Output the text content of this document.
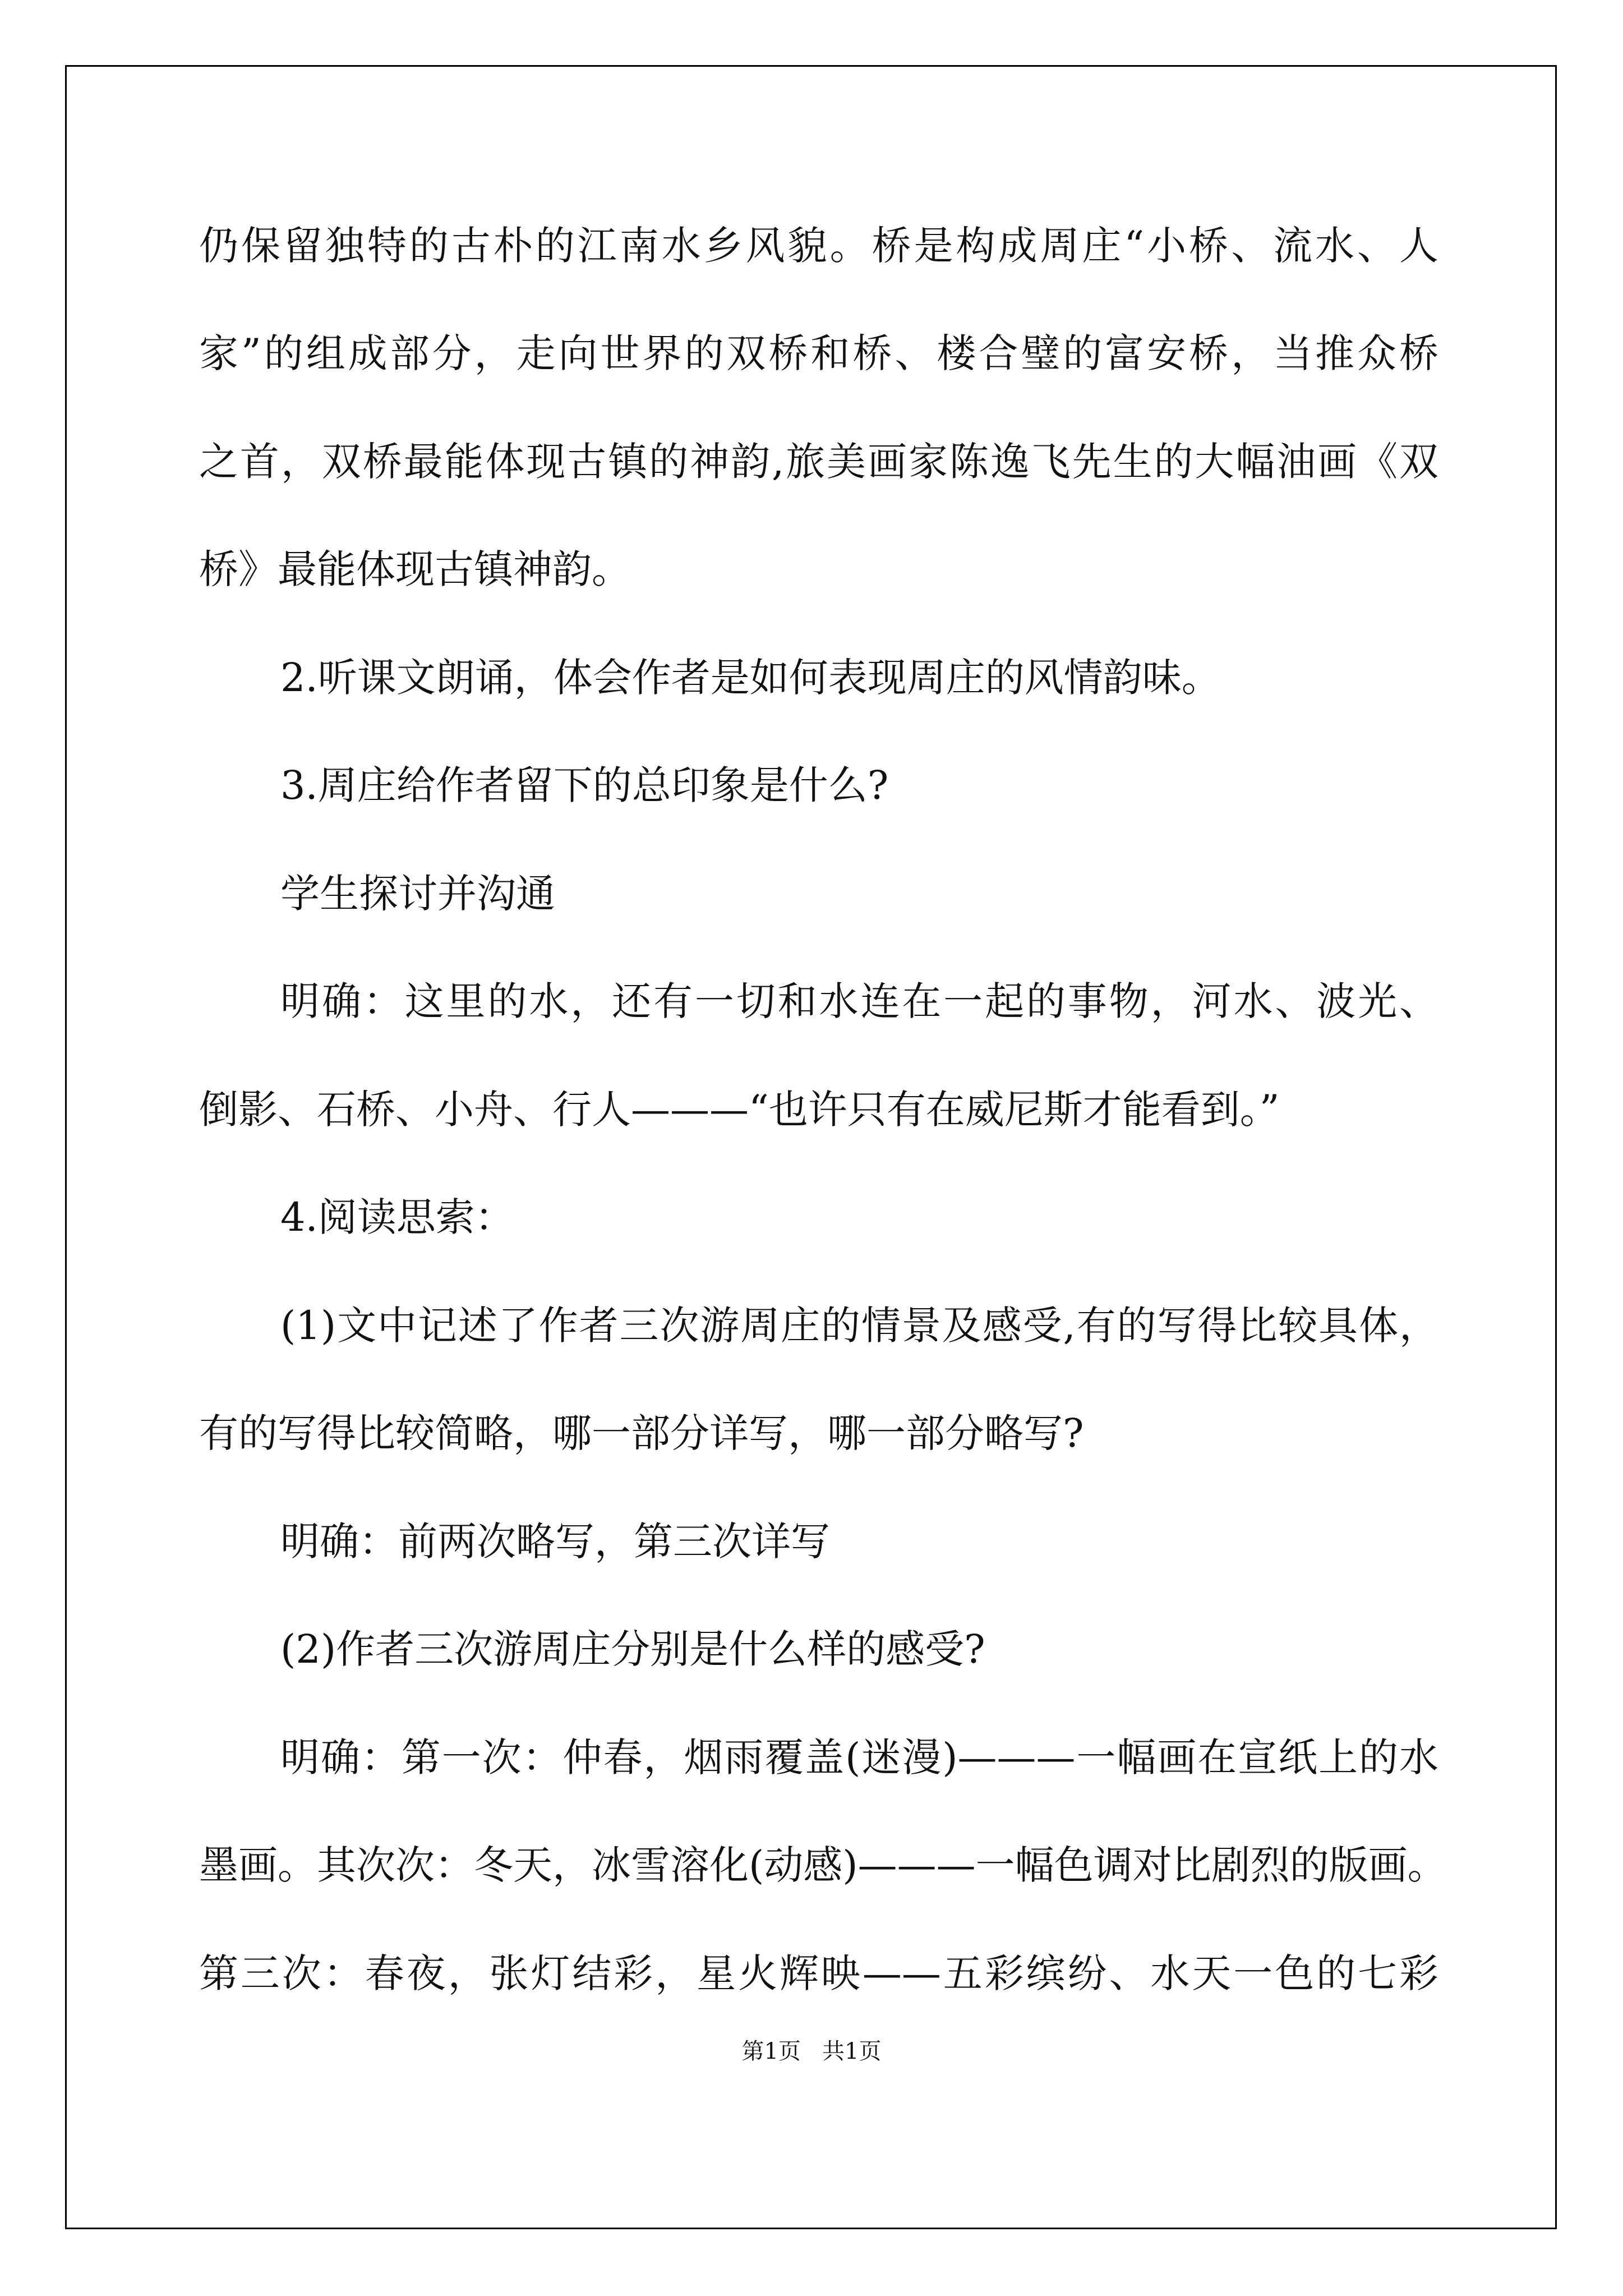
仍保留独特的古朴的江南水乡风貌。桥是构成周庄“小桥、流水、人
家”的组成部分，走向世界的双桥和桥、楼合璧的富安桥，当推众桥
之首，双桥最能体现古镇的神韵,旅美画家陈逸飞先生的大幅油画《双
桥》最能体现古镇神韵。
2.听课文朗诵，体会作者是如何表现周庄的风情韵味。
3.周庄给作者留下的总印象是什么?
学生探讨并沟通
明确：这里的水，还有一切和水连在一起的事物，河水、波光、
倒影、石桥、小舟、行人———“也许只有在威尼斯才能看到。”
4.阅读思索：
(1)文中记述了作者三次游周庄的情景及感受,有的写得比较具体，
有的写得比较简略，哪一部分详写，哪一部分略写?
明确：前两次略写，第三次详写
(2)作者三次游周庄分别是什么样的感受?
明确：第一次：仲春，烟雨覆盖(迷漫)———一幅画在宣纸上的水
墨画。其次次：冬天，冰雪溶化(动感)———一幅色调对比剧烈的版画。
第三次：春夜，张灯结彩，星火辉映——五彩缤纷、水天一色的七彩
第1页   共1页
